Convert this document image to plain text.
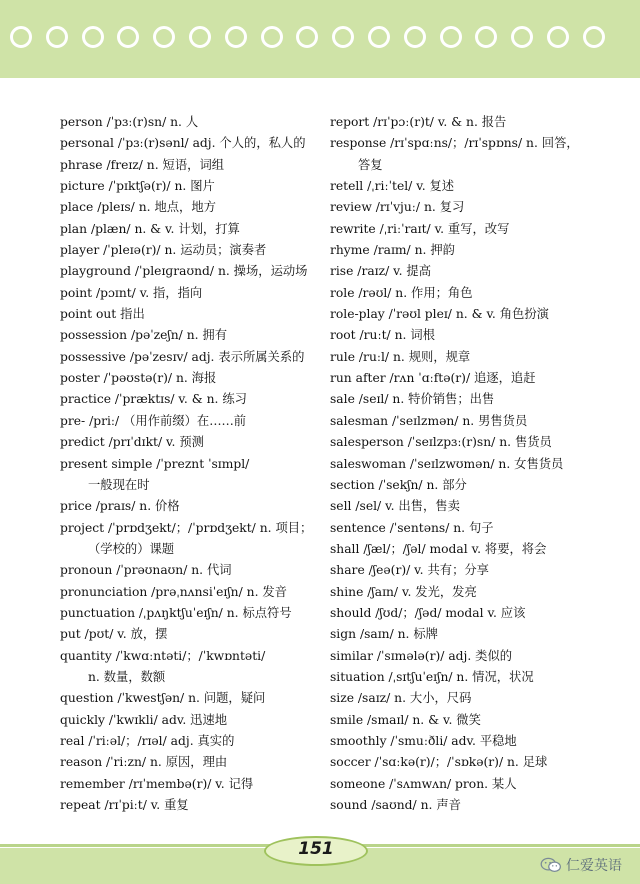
person /ˈpɜː(r)sn/ n. 人
personal /ˈpɜː(r)sənl/ adj. 个人的，私人的
phrase /freɪz/ n. 短语，词组
picture /ˈpɪktʃə(r)/ n. 图片
place /pleɪs/ n. 地点，地方
plan /plæn/ n. & v. 计划，打算
player /ˈpleɪə(r)/ n. 运动员；演奏者
playground /ˈpleɪɡraʊnd/ n. 操场，运动场
point /pɔɪnt/ v. 指，指向
point out 指出
possession /pəˈzeʃn/ n. 拥有
possessive /pəˈzesɪv/ adj. 表示所属关系的
poster /ˈpəʊstə(r)/ n. 海报
practice /ˈpræktɪs/ v. & n. 练习
pre- /priː/ （用作前缀）在……前
predict /prɪˈdɪkt/ v. 预测
present simple /ˈpreznt ˈsɪmpl/
一般现在时
price /praɪs/ n. 价格
project /ˈprɒdʒekt/；/ˈprɒdʒekt/ n. 项目；
（学校的）课题
pronoun /ˈprəʊnaʊn/ n. 代词
pronunciation /prəˌnʌnsiˈeɪʃn/ n. 发音
punctuation /ˌpʌŋktʃuˈeɪʃn/ n. 标点符号
put /pʊt/ v. 放，摆
quantity /ˈkwɑːntəti/；/ˈkwɒntəti/
n. 数量，数额
question /ˈkwestʃən/ n. 问题，疑问
quickly /ˈkwɪkli/ adv. 迅速地
real /ˈriːəl/；/rɪəl/ adj. 真实的
reason /ˈriːzn/ n. 原因，理由
remember /rɪˈmembə(r)/ v. 记得
repeat /rɪˈpiːt/ v. 重复
report /rɪˈpɔː(r)t/ v. & n. 报告
response /rɪˈspɑːns/；/rɪˈspɒns/ n. 回答，
答复
retell /ˌriːˈtel/ v. 复述
review /rɪˈvjuː/ n. 复习
rewrite /ˌriːˈraɪt/ v. 重写，改写
rhyme /raɪm/ n. 押韵
rise /raɪz/ v. 提高
role /rəʊl/ n. 作用；角色
role-play /ˈrəʊl pleɪ/ n. & v. 角色扮演
root /ruːt/ n. 词根
rule /ruːl/ n. 规则，规章
run after /rʌn ˈɑːftə(r)/ 追逐，追赶
sale /seɪl/ n. 特价销售；出售
salesman /ˈseɪlzmən/ n. 男售货员
salesperson /ˈseɪlzpɜː(r)sn/ n. 售货员
saleswoman /ˈseɪlzwʊmən/ n. 女售货员
section /ˈsekʃn/ n. 部分
sell /sel/ v. 出售，售卖
sentence /ˈsentəns/ n. 句子
shall /ʃæl/；/ʃəl/ modal v. 将要，将会
share /ʃeə(r)/ v. 共有；分享
shine /ʃaɪn/ v. 发光，发亮
should /ʃʊd/；/ʃəd/ modal v. 应该
sign /saɪn/ n. 标牌
similar /ˈsɪmələ(r)/ adj. 类似的
situation /ˌsɪtʃuˈeɪʃn/ n. 情况，状况
size /saɪz/ n. 大小，尺码
smile /smaɪl/ n. & v. 微笑
smoothly /ˈsmuːðli/ adv. 平稳地
soccer /ˈsɑːkə(r)/；/ˈsɒkə(r)/ n. 足球
someone /ˈsʌmwʌn/ pron. 某人
sound /saʊnd/ n. 声音
151
仁爱英语
